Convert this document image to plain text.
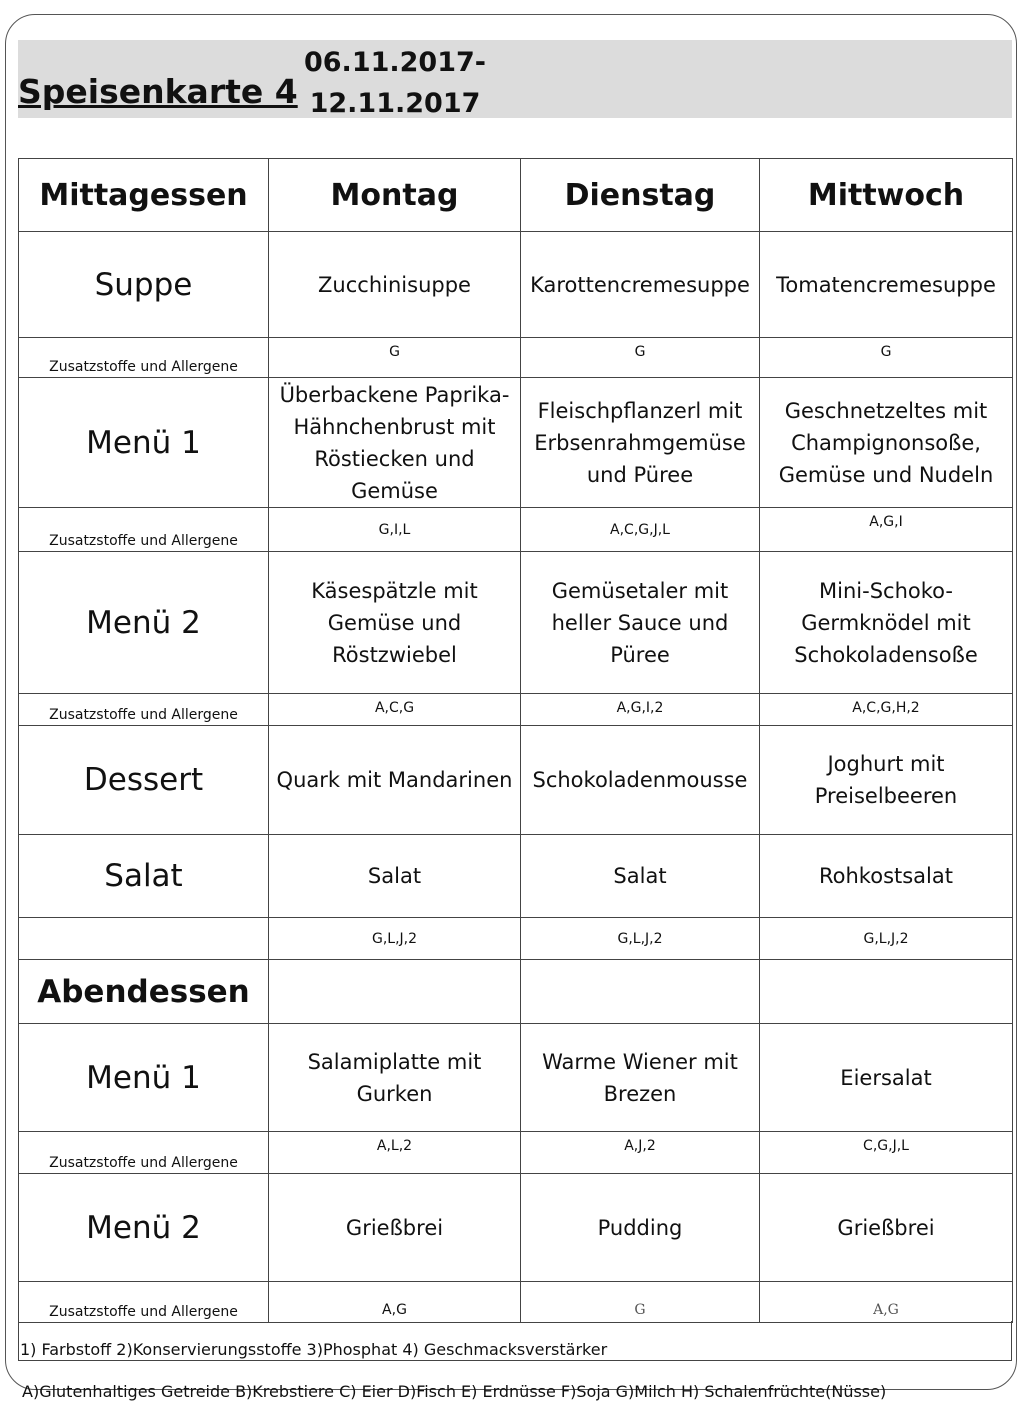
Speisenkarte 4
06.11.2017-
12.11.2017
Mittagessen	Montag	Dienstag	Mittwoch
Suppe	Zucchinisuppe	Karottencremesuppe	Tomatencremesuppe
Zusatzstoffe und Allergene	G	G	G
Menü 1	Überbackene Paprika-Hähnchenbrust mit Röstiecken und Gemüse	Fleischpflanzerl mit Erbsenrahmgemüse und Püree	Geschnetzeltes mit Champignonsoße, Gemüse und Nudeln
Zusatzstoffe und Allergene	G,I,L	A,C,G,J,L	A,G,I
Menü 2	Käsespätzle mit Gemüse und Röstzwiebel	Gemüsetaler mit heller Sauce und Püree	Mini-Schoko-Germknödel mit Schokoladensoße
Zusatzstoffe und Allergene	A,C,G	A,G,I,2	A,C,G,H,2
Dessert	Quark mit Mandarinen	Schokoladenmousse	Joghurt mit Preiselbeeren
Salat	Salat	Salat	Rohkostsalat
	G,L,J,2	G,L,J,2	G,L,J,2
Abendessen			
Menü 1	Salamiplatte mit Gurken	Warme Wiener mit Brezen	Eiersalat
Zusatzstoffe und Allergene	A,L,2	A,J,2	C,G,J,L
Menü 2	Grießbrei	Pudding	Grießbrei
Zusatzstoffe und Allergene	A,G	G	A,G
1) Farbstoff 2)Konservierungsstoffe 3)Phosphat 4) Geschmacksverstärker
A)Glutenhaltiges Getreide B)Krebstiere C) Eier D)Fisch E) Erdnüsse F)Soja G)Milch H) Schalenfrüchte(Nüsse)
